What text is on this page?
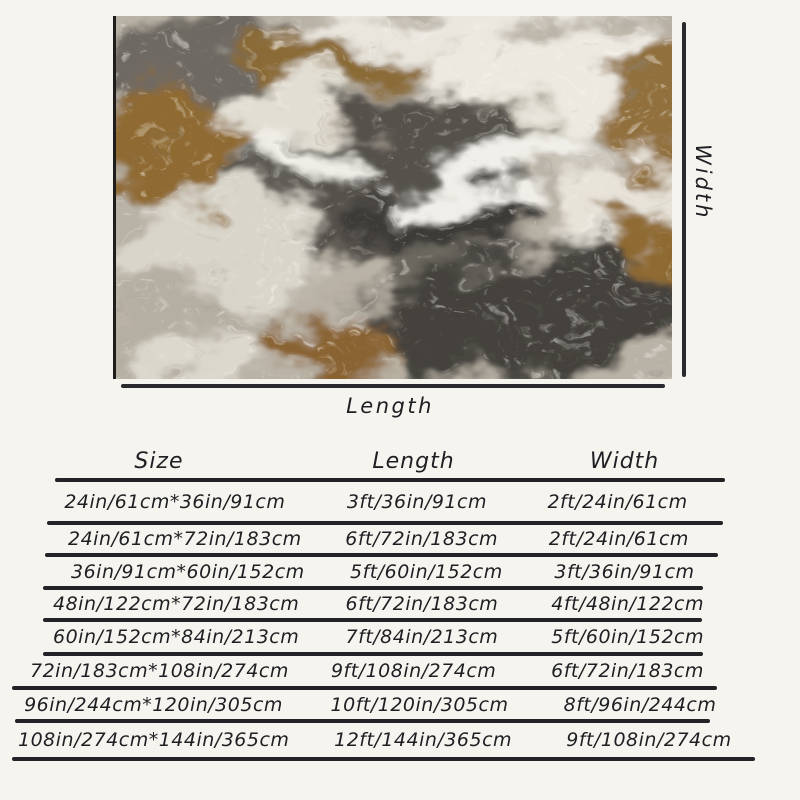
Width
Length
Size	Length	Width
24in/61cm*36in/91cm	3ft/36in/91cm	2ft/24in/61cm
24in/61cm*72in/183cm	6ft/72in/183cm	2ft/24in/61cm
36in/91cm*60in/152cm	5ft/60in/152cm	3ft/36in/91cm
48in/122cm*72in/183cm	6ft/72in/183cm	4ft/48in/122cm
60in/152cm*84in/213cm	7ft/84in/213cm	5ft/60in/152cm
72in/183cm*108in/274cm	9ft/108in/274cm	6ft/72in/183cm
96in/244cm*120in/305cm	10ft/120in/305cm	8ft/96in/244cm
108in/274cm*144in/365cm	12ft/144in/365cm	9ft/108in/274cm
